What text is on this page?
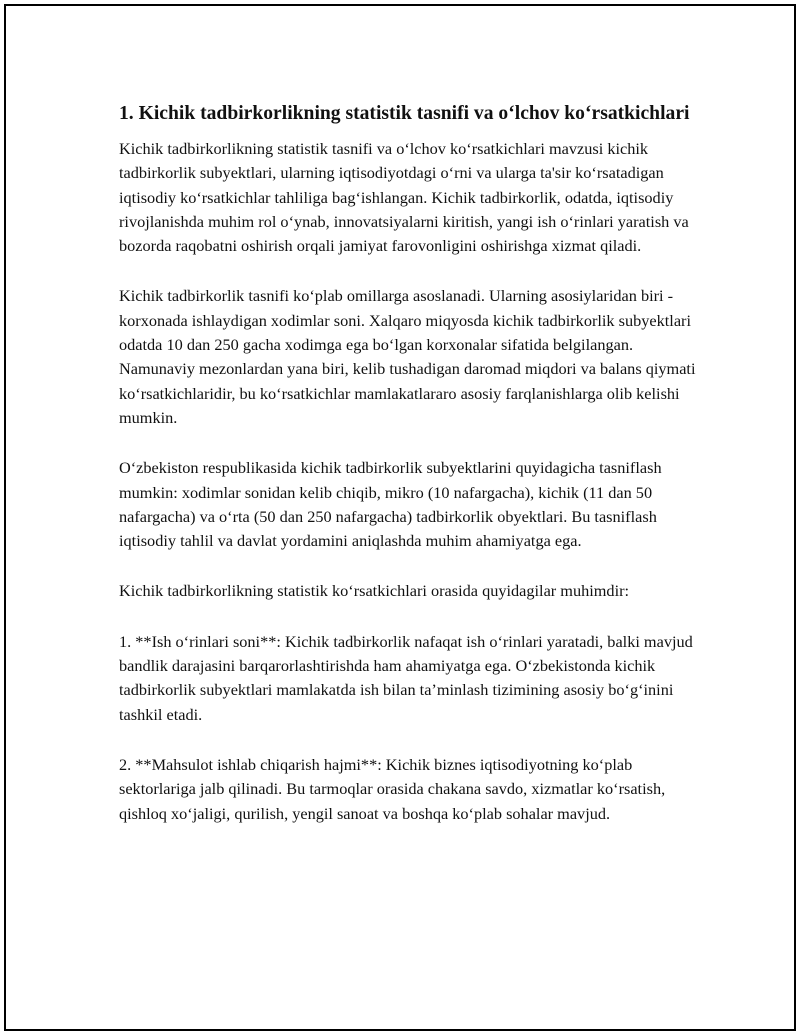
1. Kichik tadbirkorlikning statistik tasnifi va o‘lchov ko‘rsatkichlari

Kichik tadbirkorlikning statistik tasnifi va o‘lchov ko‘rsatkichlari mavzusi kichik tadbirkorlik subyektlari, ularning iqtisodiyotdagi o‘rni va ularga ta'sir ko‘rsatadigan iqtisodiy ko‘rsatkichlar tahliliga bag‘ishlangan. Kichik tadbirkorlik, odatda, iqtisodiy rivojlanishda muhim rol o‘ynab, innovatsiyalarni kiritish, yangi ish o‘rinlari yaratish va bozorda raqobatni oshirish orqali jamiyat farovonligini oshirishga xizmat qiladi.

Kichik tadbirkorlik tasnifi ko‘plab omillarga asoslanadi. Ularning asosiylaridan biri - korxonada ishlaydigan xodimlar soni. Xalqaro miqyosda kichik tadbirkorlik subyektlari odatda 10 dan 250 gacha xodimga ega bo‘lgan korxonalar sifatida belgilangan. Namunaviy mezonlardan yana biri, kelib tushadigan daromad miqdori va balans qiymati ko‘rsatkichlaridir, bu ko‘rsatkichlar mamlakatlararo asosiy farqlanishlarga olib kelishi mumkin.

O‘zbekiston respublikasida kichik tadbirkorlik subyektlarini quyidagicha tasniflash mumkin: xodimlar sonidan kelib chiqib, mikro (10 nafargacha), kichik (11 dan 50 nafargacha) va o‘rta (50 dan 250 nafargacha) tadbirkorlik obyektlari. Bu tasniflash iqtisodiy tahlil va davlat yordamini aniqlashda muhim ahamiyatga ega.

Kichik tadbirkorlikning statistik ko‘rsatkichlari orasida quyidagilar muhimdir:

1. **Ish o‘rinlari soni**: Kichik tadbirkorlik nafaqat ish o‘rinlari yaratadi, balki mavjud bandlik darajasini barqarorlashtirishda ham ahamiyatga ega. O‘zbekistonda kichik tadbirkorlik subyektlari mamlakatda ish bilan ta’minlash tizimining asosiy bo‘g‘inini tashkil etadi.

2. **Mahsulot ishlab chiqarish hajmi**: Kichik biznes iqtisodiyotning ko‘plab sektorlariga jalb qilinadi. Bu tarmoqlar orasida chakana savdo, xizmatlar ko‘rsatish, qishloq xo‘jaligi, qurilish, yengil sanoat va boshqa ko‘plab sohalar mavjud.
